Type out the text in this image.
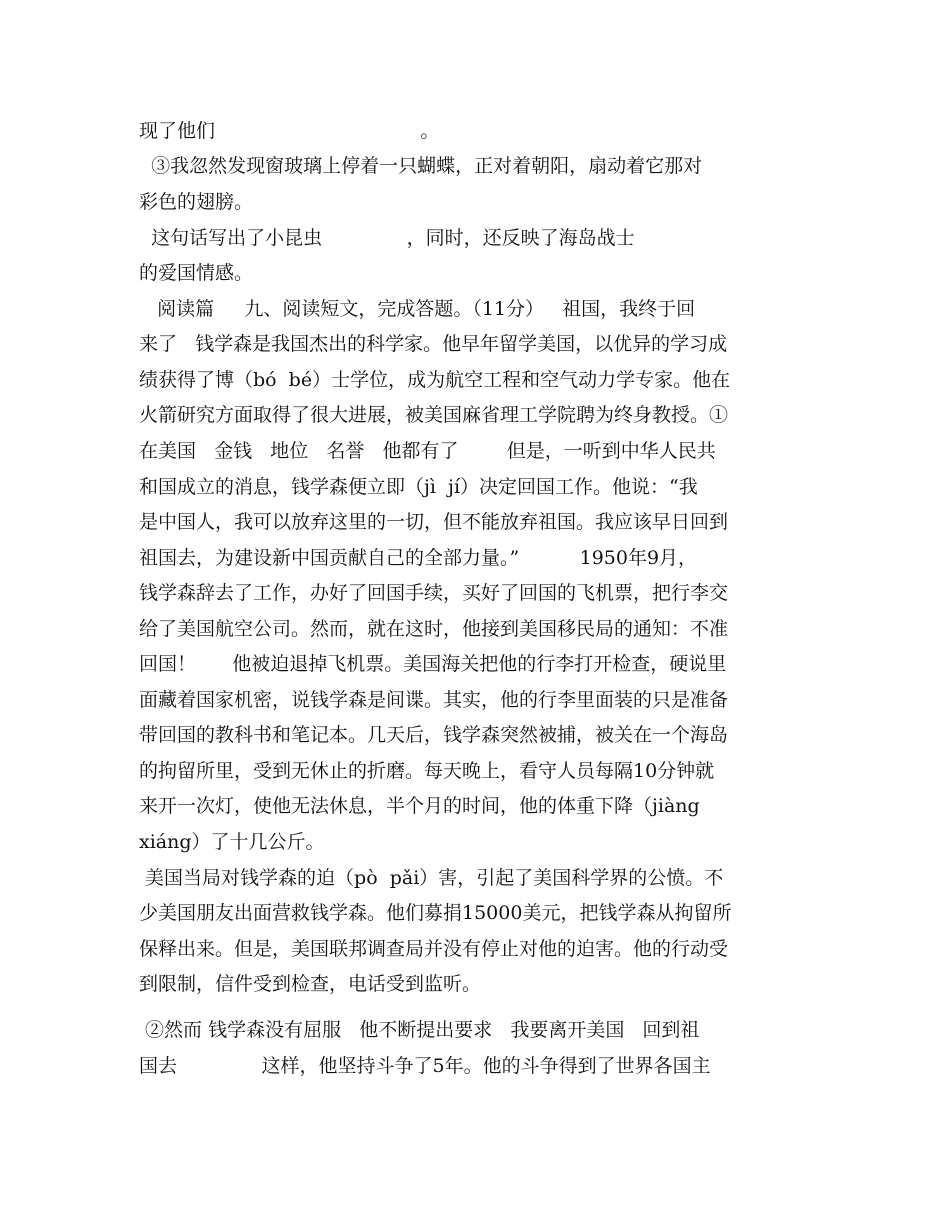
现了他们                                  。
③我忽然发现窗玻璃上停着一只蝴蝶，正对着朝阳，扇动着它那对
彩色的翅膀。
这句话写出了小昆虫              ，同时，还反映了海岛战士
的爱国情感。
阅读篇     九、阅读短文，完成答题。（11分）   祖国，我终于回
来了   钱学森是我国杰出的科学家。他早年留学美国，以优异的学习成
绩获得了博（bó  bé）士学位，成为航空工程和空气动力学专家。他在
火箭研究方面取得了很大进展，被美国麻省理工学院聘为终身教授。①
在美国   金钱   地位   名誉   他都有了        但是，一听到中华人民共
和国成立的消息，钱学森便立即（jì  jí）决定回国工作。他说：“我
是中国人，我可以放弃这里的一切，但不能放弃祖国。我应该早日回到
祖国去，为建设新中国贡献自己的全部力量。”          1950年9月，
钱学森辞去了工作，办好了回国手续，买好了回国的飞机票，把行李交
给了美国航空公司。然而，就在这时，他接到美国移民局的通知：不准
回国！      他被迫退掉飞机票。美国海关把他的行李打开检查，硬说里
面藏着国家机密，说钱学森是间谍。其实，他的行李里面装的只是准备
带回国的教科书和笔记本。几天后，钱学森突然被捕，被关在一个海岛
的拘留所里，受到无休止的折磨。每天晚上，看守人员每隔10分钟就
来开一次灯，使他无法休息，半个月的时间，他的体重下降（jiàng
xiáng）了十几公斤。
美国当局对钱学森的迫（pò  pǎi）害，引起了美国科学界的公愤。不
少美国朋友出面营救钱学森。他们募捐15000美元，把钱学森从拘留所
保释出来。但是，美国联邦调查局并没有停止对他的迫害。他的行动受
到限制，信件受到检查，电话受到监听。
②然而 钱学森没有屈服   他不断提出要求   我要离开美国   回到祖
国去              这样，他坚持斗争了5年。他的斗争得到了世界各国主
